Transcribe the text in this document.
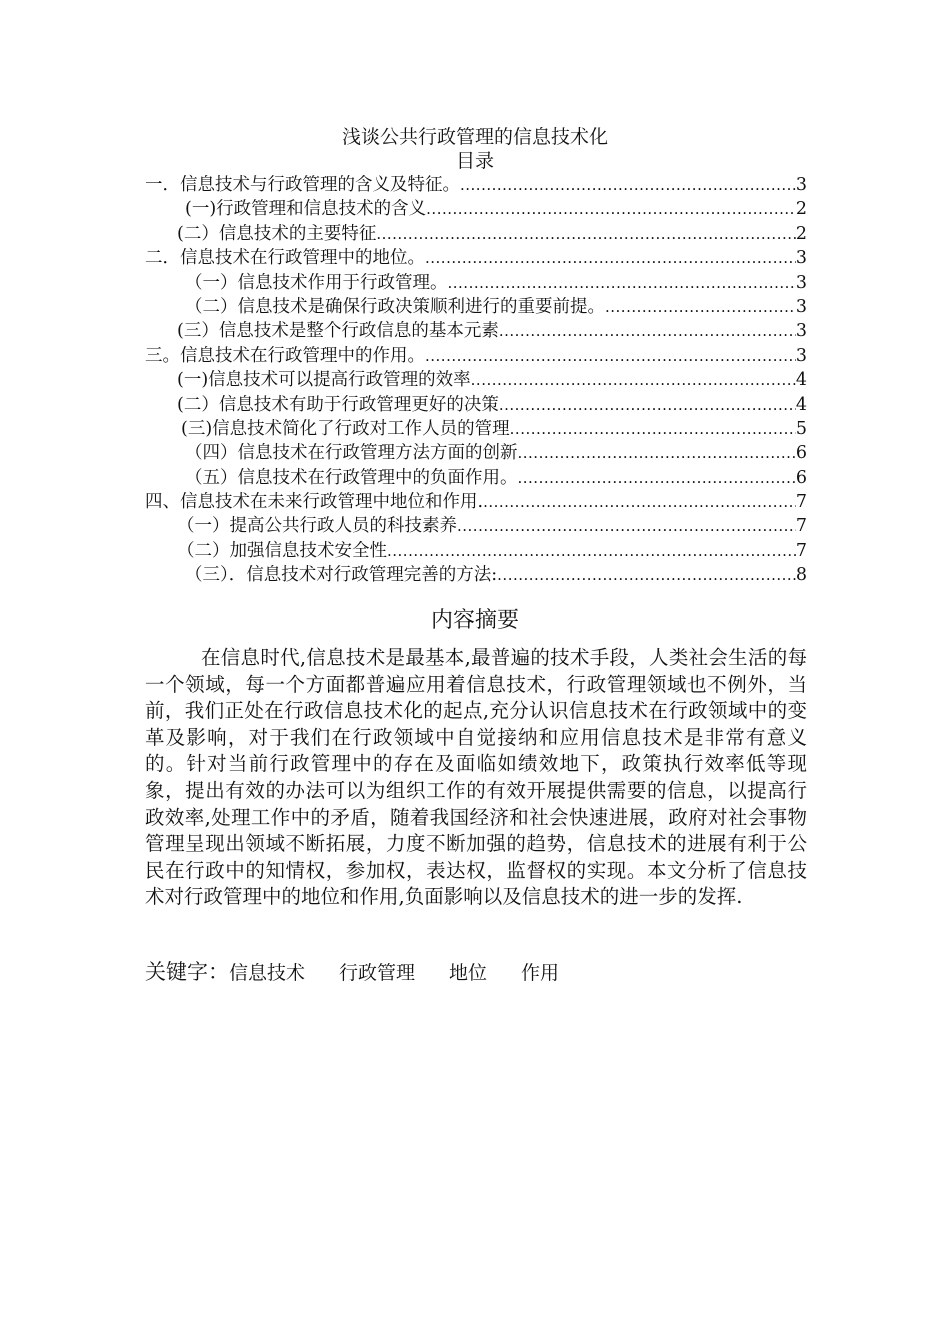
浅谈公共行政管理的信息技术化
目录
一．信息技术与行政管理的含义及特征。 .....	3
(一)行政管理和信息技术的含义 .....	2
(二）信息技术的主要特征 .....	2
二．信息技术在行政管理中的地位。 .....	3
（一）信息技术作用于行政管理。 .....	3
（二）信息技术是确保行政决策顺利进行的重要前提。 .....	3
(三）信息技术是整个行政信息的基本元素 .....	3
三。信息技术在行政管理中的作用。 .....	3
(一)信息技术可以提高行政管理的效率 .....	4
(二）信息技术有助于行政管理更好的决策 .....	4
(三)信息技术简化了行政对工作人员的管理 .....	5
（四）信息技术在行政管理方法方面的创新 .....	6
（五）信息技术在行政管理中的负面作用。 .....	6
四、信息技术在未来行政管理中地位和作用. .....	7
（一）提高公共行政人员的科技素养 .....	7
（二）加强信息技术安全性 .....	7
（三）．信息技术对行政管理完善的方法: .....	8
内容摘要

在信息时代,信息技术是最基本,最普遍的技术手段，人类社会生活的每一个领域，每一个方面都普遍应用着信息技术，行政管理领域也不例外，当前，我们正处在行政信息技术化的起点,充分认识信息技术在行政领域中的变革及影响，对于我们在行政领域中自觉接纳和应用信息技术是非常有意义的。针对当前行政管理中的存在及面临如绩效地下，政策执行效率低等现象，提出有效的办法可以为组织工作的有效开展提供需要的信息，以提高行政效率,处理工作中的矛盾，随着我国经济和社会快速进展，政府对社会事物管理呈现出领域不断拓展，力度不断加强的趋势，信息技术的进展有利于公民在行政中的知情权，参加权，表达权，监督权的实现。本文分析了信息技术对行政管理中的地位和作用,负面影响以及信息技术的进一步的发挥.

关键字：信息技术 行政管理 地位 作用
